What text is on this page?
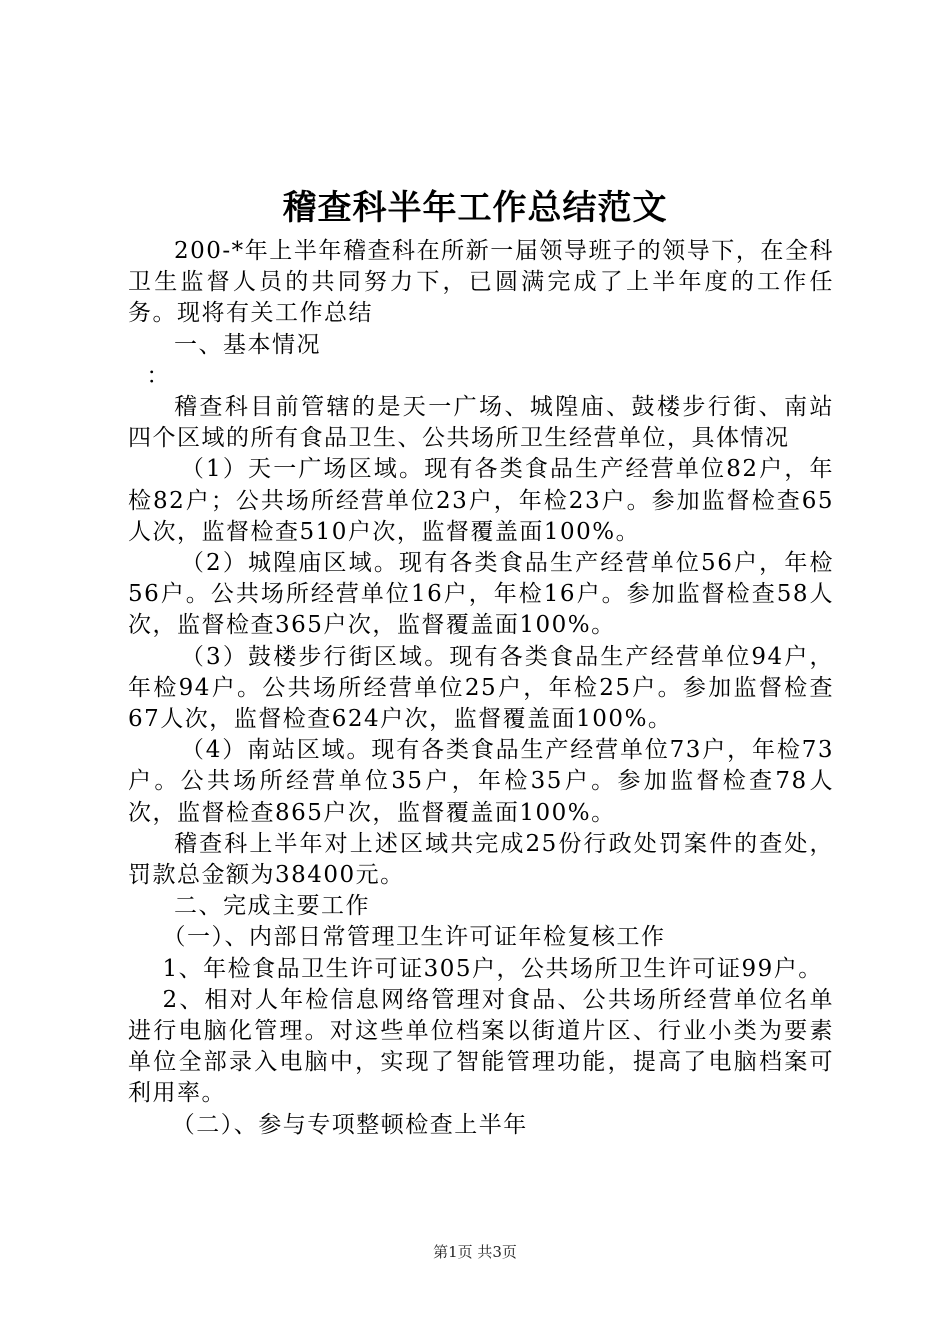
稽查科半年工作总结范文

200-*年上半年稽查科在所新一届领导班子的领导下，在全科卫生监督人员的共同努力下，已圆满完成了上半年度的工作任务。现将有关工作总结

一、基本情况

：

稽查科目前管辖的是天一广场、城隍庙、鼓楼步行街、南站四个区域的所有食品卫生、公共场所卫生经营单位，具体情况

（1）天一广场区域。现有各类食品生产经营单位82户，年检82户；公共场所经营单位23户，年检23户。参加监督检查65人次，监督检查510户次，监督覆盖面100%。

（2）城隍庙区域。现有各类食品生产经营单位56户，年检56户。公共场所经营单位16户，年检16户。参加监督检查58人次，监督检查365户次，监督覆盖面100%。

（3）鼓楼步行街区域。现有各类食品生产经营单位94户，年检94户。公共场所经营单位25户，年检25户。参加监督检查67人次，监督检查624户次，监督覆盖面100%。

（4）南站区域。现有各类食品生产经营单位73户，年检73户。公共场所经营单位35户，年检35户。参加监督检查78人次，监督检查865户次，监督覆盖面100%。

稽查科上半年对上述区域共完成25份行政处罚案件的查处，罚款总金额为38400元。

二、完成主要工作

（一）、内部日常管理卫生许可证年检复核工作

1、年检食品卫生许可证305户，公共场所卫生许可证99户。

2、相对人年检信息网络管理对食品、公共场所经营单位名单进行电脑化管理。对这些单位档案以街道片区、行业小类为要素单位全部录入电脑中，实现了智能管理功能，提高了电脑档案可利用率。

（二）、参与专项整顿检查上半年

第1页 共3页
